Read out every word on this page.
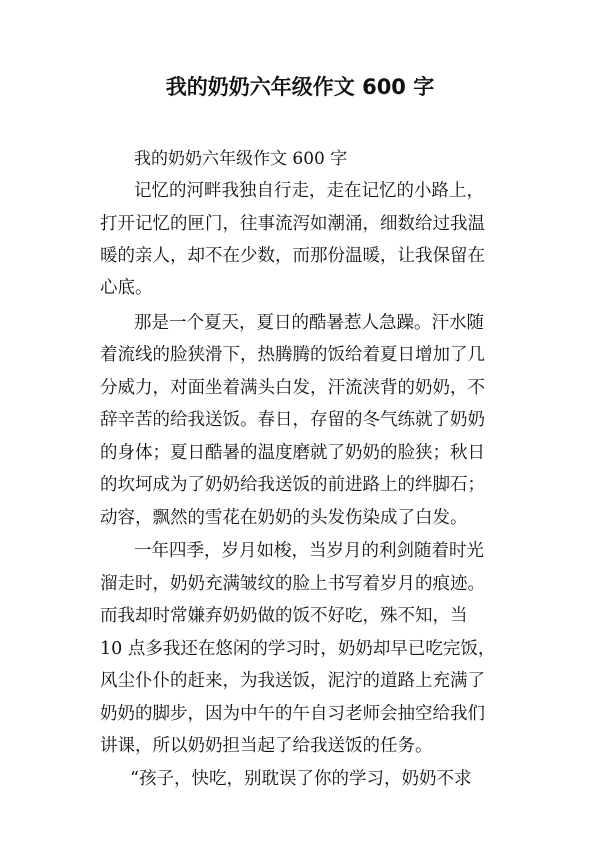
我的奶奶六年级作文 600 字

我的奶奶六年级作文 600 字

记忆的河畔我独自行走，走在记忆的小路上，

打开记忆的匣门，往事流泻如潮涌，细数给过我温

暖的亲人，却不在少数，而那份温暖，让我保留在

心底。

那是一个夏天，夏日的酷暑惹人急躁。汗水随

着流线的脸狭滑下，热腾腾的饭给着夏日增加了几

分威力，对面坐着满头白发，汗流浃背的奶奶，不

辞辛苦的给我送饭。春日，存留的冬气练就了奶奶

的身体；夏日酷暑的温度磨就了奶奶的脸狭；秋日

的坎坷成为了奶奶给我送饭的前进路上的绊脚石；

动容，飘然的雪花在奶奶的头发伤染成了白发。

一年四季，岁月如梭，当岁月的利剑随着时光

溜走时，奶奶充满皱纹的脸上书写着岁月的痕迹。

而我却时常嫌弃奶奶做的饭不好吃，殊不知，当

10 点多我还在悠闲的学习时，奶奶却早已吃完饭，

风尘仆仆的赶来，为我送饭，泥泞的道路上充满了

奶奶的脚步，因为中午的午自习老师会抽空给我们

讲课，所以奶奶担当起了给我送饭的任务。

“孩子，快吃，别耽误了你的学习，奶奶不求
